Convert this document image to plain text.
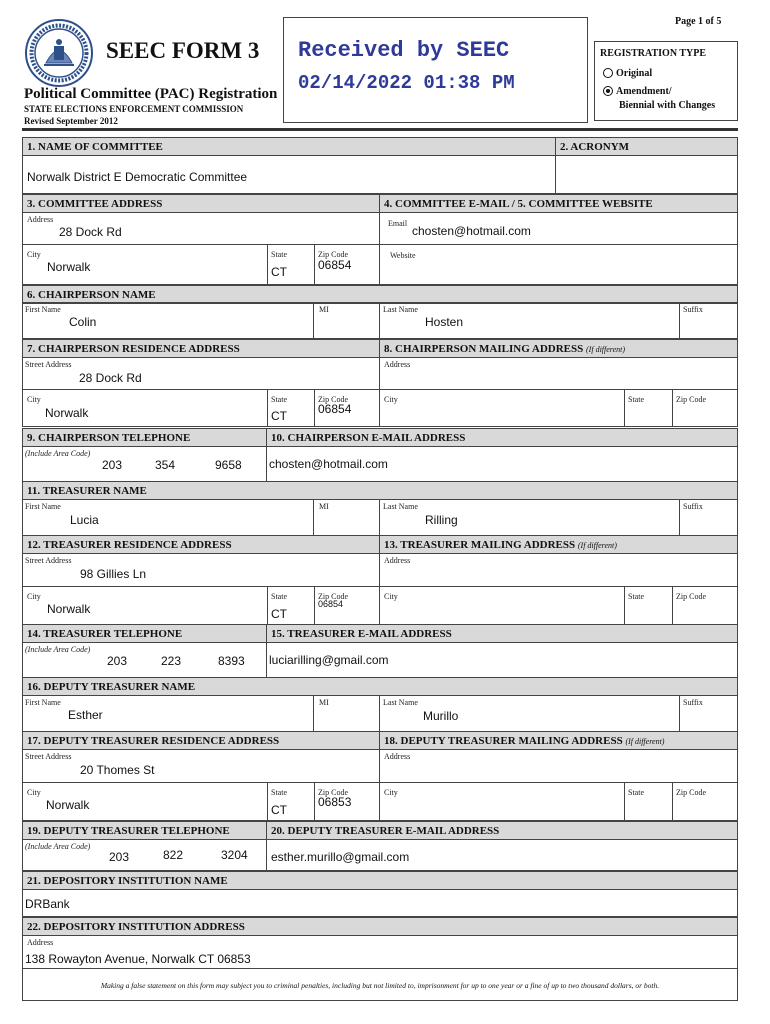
Page 1 of 5
SEEC FORM 3
Political Committee (PAC) Registration
STATE ELECTIONS ENFORCEMENT COMMISSION
Revised September 2012
Received by SEEC
02/14/2022 01:38 PM
REGISTRATION TYPE
Original
Amendment/
Biennial with Changes
1. NAME OF COMMITTEE	2. ACRONYM
Norwalk District E Democratic Committee
3. COMMITTEE ADDRESS	4. COMMITTEE E-MAIL / 5. COMMITTEE WEBSITE
Address
28 Dock Rd
Email
chosten@hotmail.com
City
Norwalk
State
CT
Zip Code
06854
Website
6. CHAIRPERSON NAME
First Name
Colin
MI	Last Name
Hosten
Suffix
7. CHAIRPERSON RESIDENCE ADDRESS	8. CHAIRPERSON MAILING ADDRESS (If different)
Street Address
28 Dock Rd
Address
City
Norwalk
State
CT
Zip Code
06854
City	State	Zip Code
9. CHAIRPERSON TELEPHONE	10. CHAIRPERSON E-MAIL ADDRESS
(Include Area Code)
203	354	9658 chosten@hotmail.com
11. TREASURER NAME
First Name
Lucia
MI	Last Name
Rilling
Suffix
12. TREASURER RESIDENCE ADDRESS	13. TREASURER MAILING ADDRESS (If different)
Street Address
98 Gillies Ln
Address
City
Norwalk
State
CT
Zip Code
06854
City	State	Zip Code
14. TREASURER TELEPHONE	15. TREASURER E-MAIL ADDRESS
(Include Area Code)
203	223	8393 luciarilling@gmail.com
16. DEPUTY TREASURER NAME
First Name
Esther
MI	Last Name
Murillo
Suffix
17. DEPUTY TREASURER RESIDENCE ADDRESS	18. DEPUTY TREASURER MAILING ADDRESS (If different)
Street Address
20 Thomes St
Address
City
Norwalk
State
CT
Zip Code
06853
City	State	Zip Code
19. DEPUTY TREASURER TELEPHONE	20. DEPUTY TREASURER E-MAIL ADDRESS
(Include Area Code)
203	822	3204 esther.murillo@gmail.com
21. DEPOSITORY INSTITUTION NAME
DRBank
22. DEPOSITORY INSTITUTION ADDRESS
Address
138 Rowayton Avenue, Norwalk CT 06853
Making a false statement on this form may subject you to criminal penalties, including but not limited to, imprisonment for up to one year or a fine of up to two thousand dollars, or both.
